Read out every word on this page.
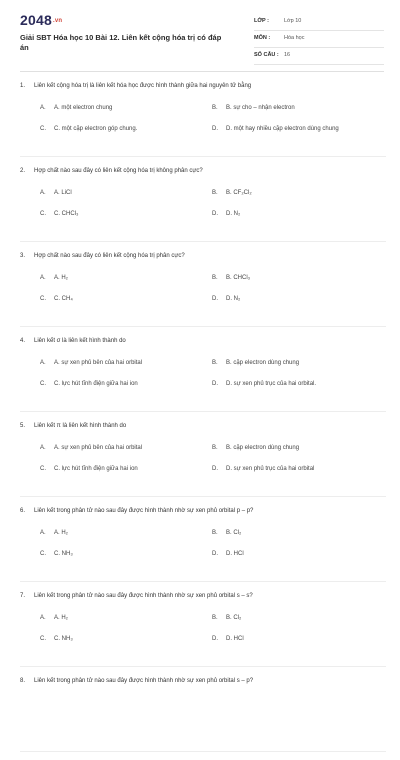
2048.vn
Giải SBT Hóa học 10 Bài 12. Liên kết cộng hóa trị có đáp án
LỚP :	Lớp 10
MÔN :	Hóa học
SỐ CÂU : 16
1. Liên kết cộng hóa trị là liên kết hóa học được hình thành giữa hai nguyên tử bằng
A. A. một electron chung	B. B. sự cho – nhận electron
C. C. một cặp electron góp chung.	D. D. một hay nhiều cặp electron dùng chung
2. Hợp chất nào sau đây có liên kết cộng hóa trị không phân cực?
A. A. LiCl	B. B. CF₂Cl₂
C. C. CHCl₃	D. D. N₂
3. Hợp chất nào sau đây có liên kết cộng hóa trị phân cực?
A. A. H₂	B. B. CHCl₃
C. C. CH₄	D. D. N₂
4. Liên kết σ là liên kết hình thành do
A. A. sự xen phủ bên của hai orbital	B. B. cặp electron dùng chung
C. C. lực hút tĩnh điện giữa hai ion	D. D. sự xen phủ trục của hai orbital.
5. Liên kết π là liên kết hình thành do
A. A. sự xen phủ bên của hai orbital	B. B. cặp electron dùng chung
C. C. lực hút tĩnh điện giữa hai ion	D. D. sự xen phủ trục của hai orbital
6. Liên kết trong phân tử nào sau đây được hình thành nhờ sự xen phủ orbital p – p?
A. A. H₂	B. B. Cl₂
C. C. NH₃	D. D. HCl
7. Liên kết trong phân tử nào sau đây được hình thành nhờ sự xen phủ orbital s – s?
A. A. H₂	B. B. Cl₂
C. C. NH₃	D. D. HCl
8. Liên kết trong phân tử nào sau đây được hình thành nhờ sự xen phủ orbital s – p?
